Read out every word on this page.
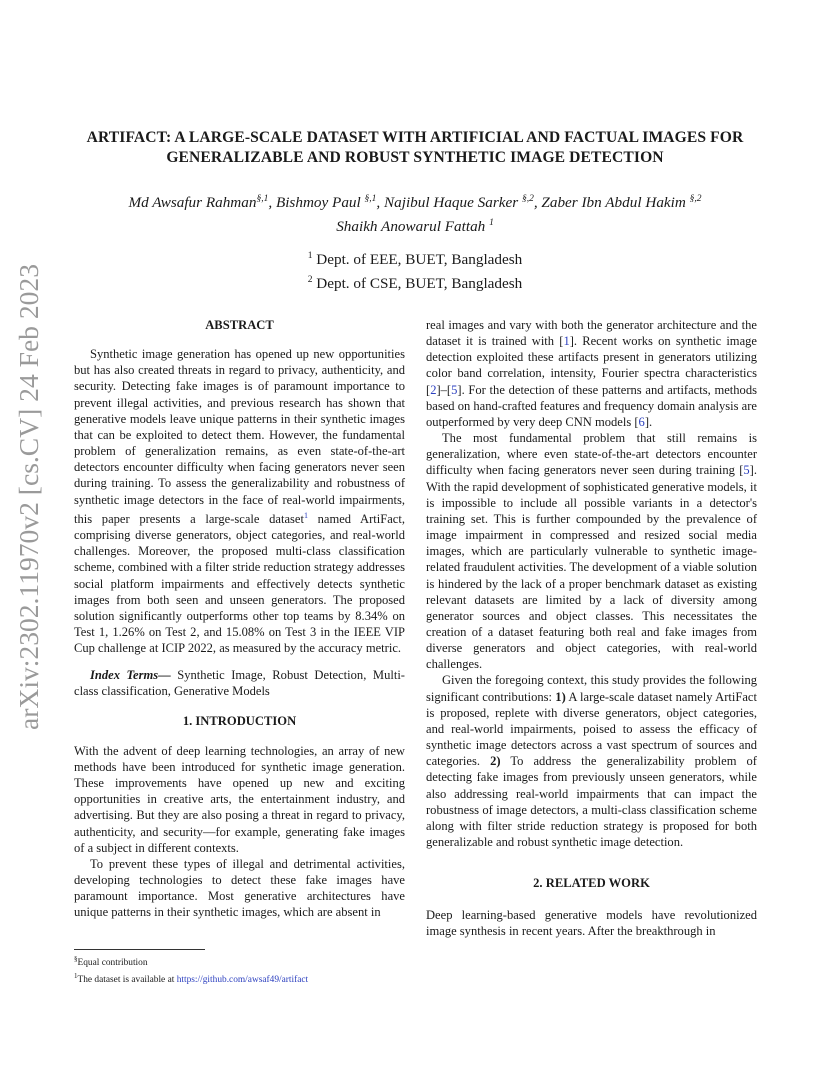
arXiv:2302.11970v2 [cs.CV] 24 Feb 2023
ARTIFACT: A LARGE-SCALE DATASET WITH ARTIFICIAL AND FACTUAL IMAGES FOR
GENERALIZABLE AND ROBUST SYNTHETIC IMAGE DETECTION
Md Awsafur Rahman$^{\S,1}$, Bishmoy Paul $^{\S,1}$, Najibul Haque Sarker $^{\S,2}$, Zaber Ibn Abdul Hakim $^{\S,2}$
Shaikh Anowarul Fattah $^1$
$^1$ Dept. of EEE, BUET, Bangladesh
$^2$ Dept. of CSE, BUET, Bangladesh
ABSTRACT

Synthetic image generation has opened up new opportunities but has also created threats in regard to privacy, authenticity, and security. Detecting fake images is of paramount importance to prevent illegal activities, and previous research has shown that generative models leave unique patterns in their synthetic images that can be exploited to detect them. However, the fundamental problem of generalization remains, as even state-of-the-art detectors encounter difficulty when facing generators never seen during training. To assess the generalizability and robustness of synthetic image detectors in the face of real-world impairments, this paper presents a large-scale dataset$^1$ named ArtiFact, comprising diverse generators, object categories, and real-world challenges. Moreover, the proposed multi-class classification scheme, combined with a filter stride reduction strategy addresses social platform impairments and effectively detects synthetic images from both seen and unseen generators. The proposed solution significantly outperforms other top teams by 8.34% on Test 1, 1.26% on Test 2, and 15.08% on Test 3 in the IEEE VIP Cup challenge at ICIP 2022, as measured by the accuracy metric.

Index Terms— Synthetic Image, Robust Detection, Multi-class classification, Generative Models

1. INTRODUCTION

With the advent of deep learning technologies, an array of new methods have been introduced for synthetic image generation. These improvements have opened up new and exciting opportunities in creative arts, the entertainment industry, and advertising. But they are also posing a threat in regard to privacy, authenticity, and security—for example, generating fake images of a subject in different contexts.

To prevent these types of illegal and detrimental activities, developing technologies to detect these fake images have paramount importance. Most generative architectures have unique patterns in their synthetic images, which are absent in

real images and vary with both the generator architecture and the dataset it is trained with [1]. Recent works on synthetic image detection exploited these artifacts present in generators utilizing color band correlation, intensity, Fourier spectra characteristics [2]–[5]. For the detection of these patterns and artifacts, methods based on hand-crafted features and frequency domain analysis are outperformed by very deep CNN models [6].

The most fundamental problem that still remains is generalization, where even state-of-the-art detectors encounter difficulty when facing generators never seen during training [5]. With the rapid development of sophisticated generative models, it is impossible to include all possible variants in a detector's training set. This is further compounded by the prevalence of image impairment in compressed and resized social media images, which are particularly vulnerable to synthetic image-related fraudulent activities. The development of a viable solution is hindered by the lack of a proper benchmark dataset as existing relevant datasets are limited by a lack of diversity among generator sources and object classes. This necessitates the creation of a dataset featuring both real and fake images from diverse generators and object categories, with real-world challenges.

Given the foregoing context, this study provides the following significant contributions: 1) A large-scale dataset namely ArtiFact is proposed, replete with diverse generators, object categories, and real-world impairments, poised to assess the efficacy of synthetic image detectors across a vast spectrum of sources and categories. 2) To address the generalizability problem of detecting fake images from previously unseen generators, while also addressing real-world impairments that can impact the robustness of image detectors, a multi-class classification scheme along with filter stride reduction strategy is proposed for both generalizable and robust synthetic image detection.

2. RELATED WORK

Deep learning-based generative models have revolutionized image synthesis in recent years. After the breakthrough in

§Equal contribution
$^1$The dataset is available at https://github.com/awsaf49/artifact
